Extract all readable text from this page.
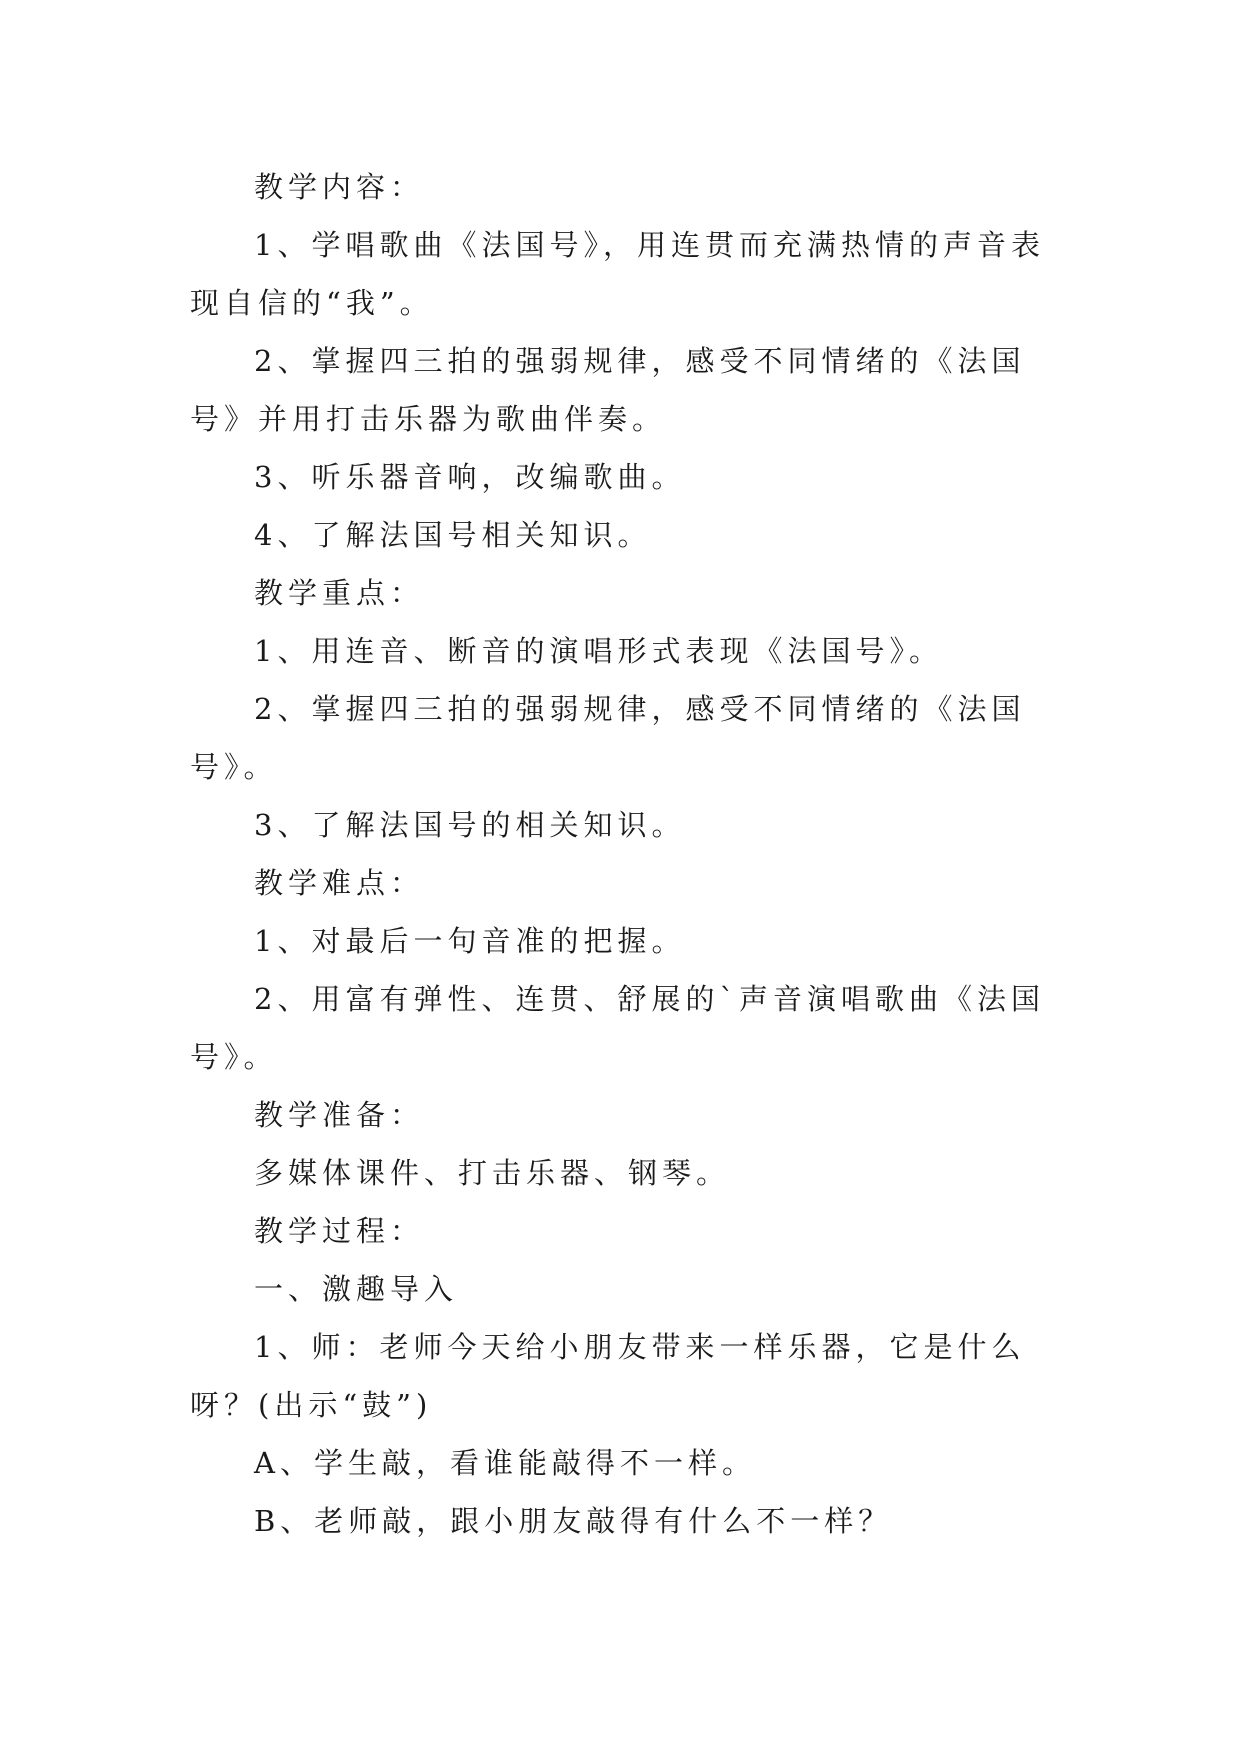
教学内容：

1、学唱歌曲《法国号》，用连贯而充满热情的声音表现自信的“我”。

2、掌握四三拍的强弱规律，感受不同情绪的《法国号》并用打击乐器为歌曲伴奏。

3、听乐器音响，改编歌曲。

4、了解法国号相关知识。

教学重点：

1、用连音、断音的演唱形式表现《法国号》。

2、掌握四三拍的强弱规律，感受不同情绪的《法国号》。

3、了解法国号的相关知识。

教学难点：

1、对最后一句音准的把握。

2、用富有弹性、连贯、舒展的`声音演唱歌曲《法国号》。

教学准备：

多媒体课件、打击乐器、钢琴。

教学过程：

一、激趣导入

1、师：老师今天给小朋友带来一样乐器，它是什么呀？(出示“鼓”)

A、学生敲，看谁能敲得不一样。

B、老师敲，跟小朋友敲得有什么不一样？
